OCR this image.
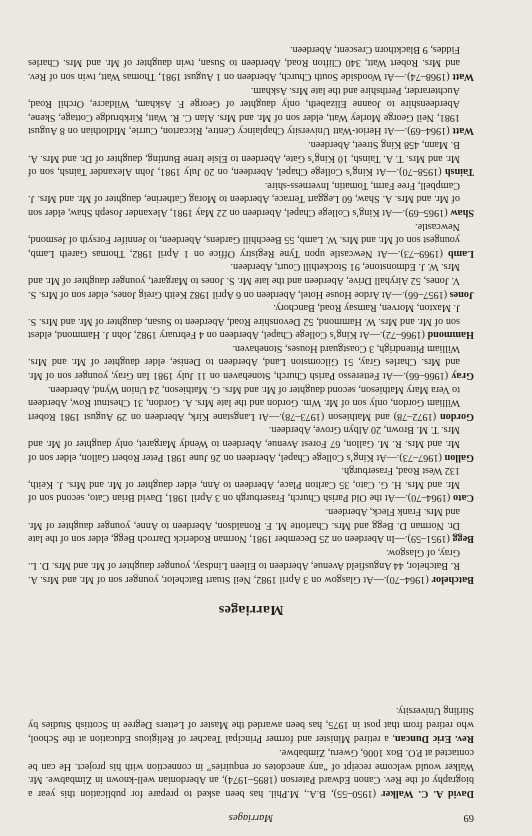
69
Marriages

David A. C. Walker (1950–55), B.A., M.Phil. has been asked to prepare for publication this year a biography of the Rev. Canon Edward Paterson (1895–1974), an Aberdonian well-known in Zimbabwe. Mr. Walker would welcome receipt of “any anecdotes or enquiries” in connection with his project. He can be contacted at P.O. Box 1006, Gweru, Zimbabwe.

Rev. Eric Duncan, a retired Minister and former Principal Teacher of Religious Education at the School, who retired from that post in 1975, has been awarded the Master of Letters Degree in Scottish Studies by Stirling University.

Marriages

Batchelor (1964–70).—At Glasgow on 3 April 1982, Neil Stuart Batchelor, younger son of Mr. and Mrs. A. R. Batchelor, 44 Angusfield Avenue, Aberdeen to Eileen Lindsay, younger daughter of Mr. and Mrs. D. L. Gray, of Glasgow.

Begg (1951–59).—In Aberdeen on 25 December 1981, Norman Roderick Darroch Begg, elder son of the late Dr. Norman D. Begg and Mrs. Charlotte M. F. Ronaldson, Aberdeen to Anne, younger daughter of Mr. and Mrs. Frank Fleck, Aberdeen.

Cato (1964–70).—At the Old Parish Church, Fraserburgh on 3 April 1981, David Brian Cato, second son of Mr. and Mrs. H. G. Cato, 35 Carlton Place, Aberdeen to Ann, elder daughter of Mr. and Mrs. J. Keith, 132 West Road, Fraserburgh.

Gallon (1967–73).—At King’s College Chapel, Aberdeen on 26 June 1981 Peter Robert Gallon, elder son of Mr. and Mrs. R. M. Gallon, 67 Forest Avenue, Aberdeen to Wendy Margaret, only daughter of Mr. and Mrs. T. M. Brown, 20 Albyn Grove, Aberdeen.

Gordon (1972–78) and Mathieson (1973–78).—At Langstane Kirk, Aberdeen on 29 August 1981 Robert William Gordon, only son of Mr. Wm. Gordon and the late Mrs. A. Gordon, 31 Chestnut Row, Aberdeen to Vera Mary Mathieson, second daughter of Mr. and Mrs. G. Mathieson, 24 Union Wynd, Aberdeen.

Gray (1966–66).—At Fetteresso Parish Church, Stonehaven on 11 July 1981 Ian Gray, younger son of Mr. and Mrs. Charles Gray, 51 Gilcomston Land, Aberdeen to Denise, elder daughter of Mr. and Mrs. William Pittendrigh, 3 Coastguard Houses, Stonehaven.

Hammond (1966–72).—At King’s College Chapel, Aberdeen on 4 February 1982, John J. Hammond, eldest son of Mr. and Mrs. W. Hammond, 52 Devonshire Road, Aberdeen to Susan, daughter of Mr. and Mrs. S. J. Maxton, Morven, Ramsay Road, Banchory.

Jones (1957–66).—At Ardoe House Hotel, Aberdeen on 6 April 1982 Keith Greig Jones, elder son of Mrs. S. V. Jones, 52 Airyhall Drive, Aberdeen and the late Mr. S. Jones to Margaret, younger daughter of Mr. and Mrs. W. J. Edmonstone, 91 Stockethill Court, Aberdeen.

Lamb (1969–73).—At Newcastle upon Tyne Registry Office on 1 April 1982, Thomas Gareth Lamb, youngest son of Mr. and Mrs. W. Lamb, 55 Beechhill Gardens, Aberdeen, to Jennifer Forsyth of Jesmond, Newcastle.

Shaw (1965–69).—At King’s College Chapel, Aberdeen on 22 May 1981, Alexander Joseph Shaw, elder son of Mr. and Mrs. A. Shaw, 60 Leggart Terrace, Aberdeen to Morag Catherine, daughter of Mr. and Mrs. J. Campbell, Free Farm, Tomatin, Inverness-shire.

Tainsh (1958–70).—At King’s College Chapel, Aberdeen, on 20 July 1981, John Alexander Tainsh, son of Mr. and Mrs. T. A. Tainsh, 10 King’s Gate, Aberdeen to Elsie Irene Bunting, daughter of Dr. and Mrs. A. B. Mann, 458 King Street, Aberdeen.

Watt (1964–69).—At Heriot-Watt University Chaplaincy Centre, Riccarton, Currie, Midlothian on 8 August 1981, Neil George Morley Watt, elder son of Mr. and Mrs. Alan C. R. Watt, Kirkbrudge Cottage, Skene, Aberdeenshire to Joanne Elizabeth, only daughter of George F. Askham, Wildacre, Orchil Road, Auchterarder, Perthshire and the late Mrs. Askham.

Watt (1968–74).—At Woodside South Church, Aberdeen on 1 August 1981, Thomas Watt, twin son of Rev. and Mrs. Robert Watt, 340 Clifton Road, Aberdeen to Susan, twin daughter of Mr. and Mrs. Charles Fiddes, 9 Blackthorn Crescent, Aberdeen.
